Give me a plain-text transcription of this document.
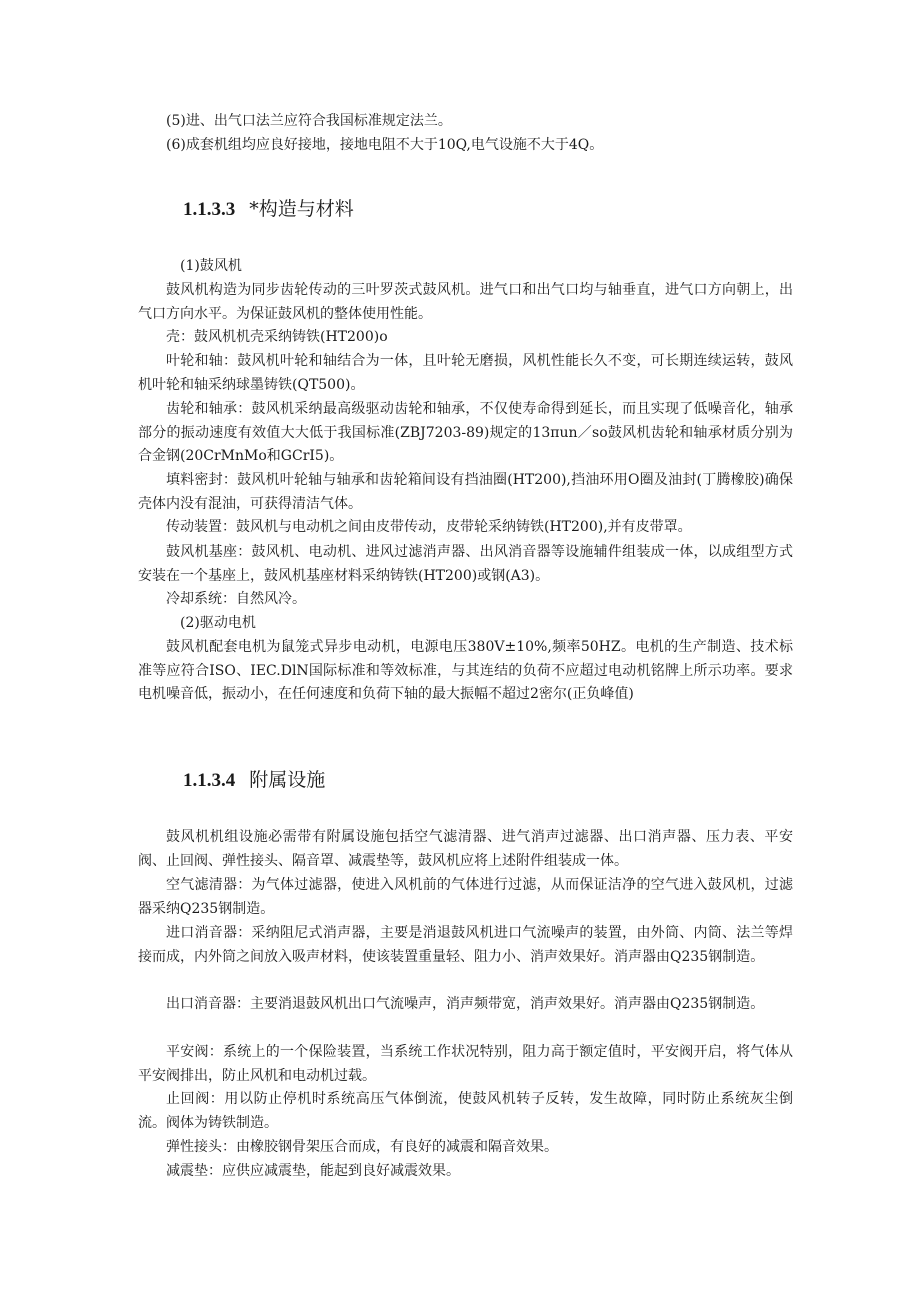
(5)进、出气口法兰应符合我国标准规定法兰。

(6)成套机组均应良好接地，接地电阻不大于10Q,电气设施不大于4Q。

1.1.3.3 *构造与材料

(1)鼓风机

鼓风机构造为同步齿轮传动的三叶罗茨式鼓风机。进气口和出气口均与轴垂直，进气口方向朝上，出气口方向水平。为保证鼓风机的整体使用性能。

壳：鼓风机机壳采纳铸铁(HT200)o

叶轮和轴：鼓风机叶轮和轴结合为一体，且叶轮无磨损，风机性能长久不变，可长期连续运转，鼓风机叶轮和轴采纳球墨铸铁(QT500)。

齿轮和轴承：鼓风机采纳最高级驱动齿轮和轴承，不仅使寿命得到延长，而且实现了低噪音化，轴承部分的振动速度有效值大大低于我国标准(ZBJ7203-89)规定的13πun／so鼓风机齿轮和轴承材质分别为合金钢(20CrMnMo和GCrI5)。

填料密封：鼓风机叶轮轴与轴承和齿轮箱间设有挡油圈(HT200),挡油环用O圈及油封(丁腾橡胶)确保壳体内没有混油，可获得清洁气体。

传动装置：鼓风机与电动机之间由皮带传动，皮带轮采纳铸铁(HT200),并有皮带罩。

鼓风机基座：鼓风机、电动机、进风过滤消声器、出风消音器等设施辅件组装成一体，以成组型方式安装在一个基座上，鼓风机基座材料采纳铸铁(HT200)或钢(A3)。

冷却系统：自然风冷。

(2)驱动电机

鼓风机配套电机为鼠笼式异步电动机，电源电压380V±10%,频率50HZ。电机的生产制造、技术标准等应符合ISO、IEC.DlN国际标准和等效标准，与其连结的负荷不应超过电动机铭牌上所示功率。要求电机噪音低，振动小，在任何速度和负荷下轴的最大振幅不超过2密尔(正负峰值)

1.1.3.4 附属设施

鼓风机机组设施必需带有附属设施包括空气滤清器、进气消声过滤器、出口消声器、压力表、平安阀、止回阀、弹性接头、隔音罩、减震垫等，鼓风机应将上述附件组装成一体。

空气滤清器：为气体过滤器，使进入风机前的气体进行过滤，从而保证洁净的空气进入鼓风机，过滤器采纳Q235钢制造。

进口消音器：采纳阻尼式消声器，主要是消退鼓风机进口气流噪声的装置，由外筒、内筒、法兰等焊接而成，内外筒之间放入吸声材料，使该装置重量轻、阻力小、消声效果好。消声器由Q235钢制造。

出口消音器：主要消退鼓风机出口气流噪声，消声频带宽，消声效果好。消声器由Q235钢制造。

平安阀：系统上的一个保险装置，当系统工作状况特别，阻力高于额定值时，平安阀开启，将气体从平安阀排出，防止风机和电动机过载。

止回阀：用以防止停机时系统高压气体倒流，使鼓风机转子反转，发生故障，同时防止系统灰尘倒流。阀体为铸铁制造。

弹性接头：由橡胶钢骨架压合而成，有良好的减震和隔音效果。

减震垫：应供应减震垫，能起到良好减震效果。
